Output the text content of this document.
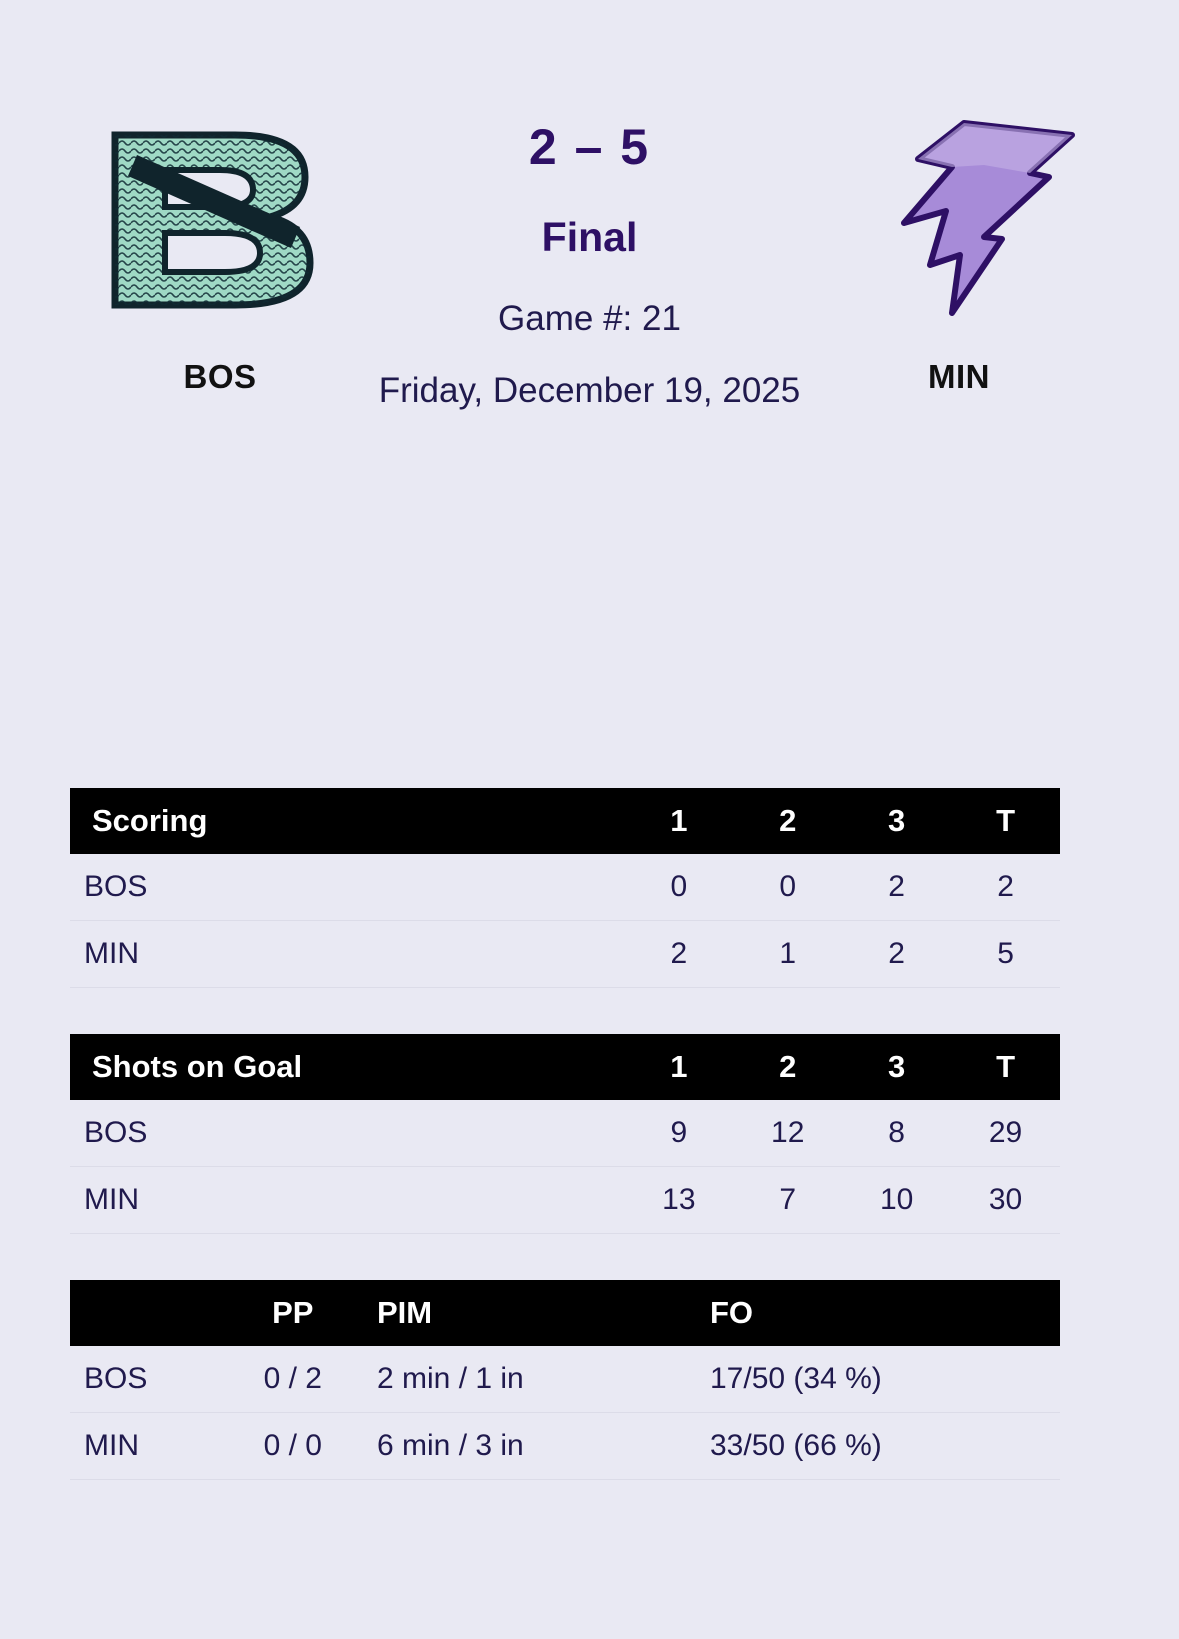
BOS
2 – 5
Final
Game #: 21
Friday, December 19, 2025	MIN
Scoring	1	2	3	T
BOS	0	0	2	2
MIN	2	1	2	5
Shots on Goal	1	2	3	T
BOS	9	12	8	29
MIN	13	7	10	30
	PP	PIM	FO
BOS	0 / 2	2 min / 1 in	17/50 (34 %)
MIN	0 / 0	6 min / 3 in	33/50 (66 %)
